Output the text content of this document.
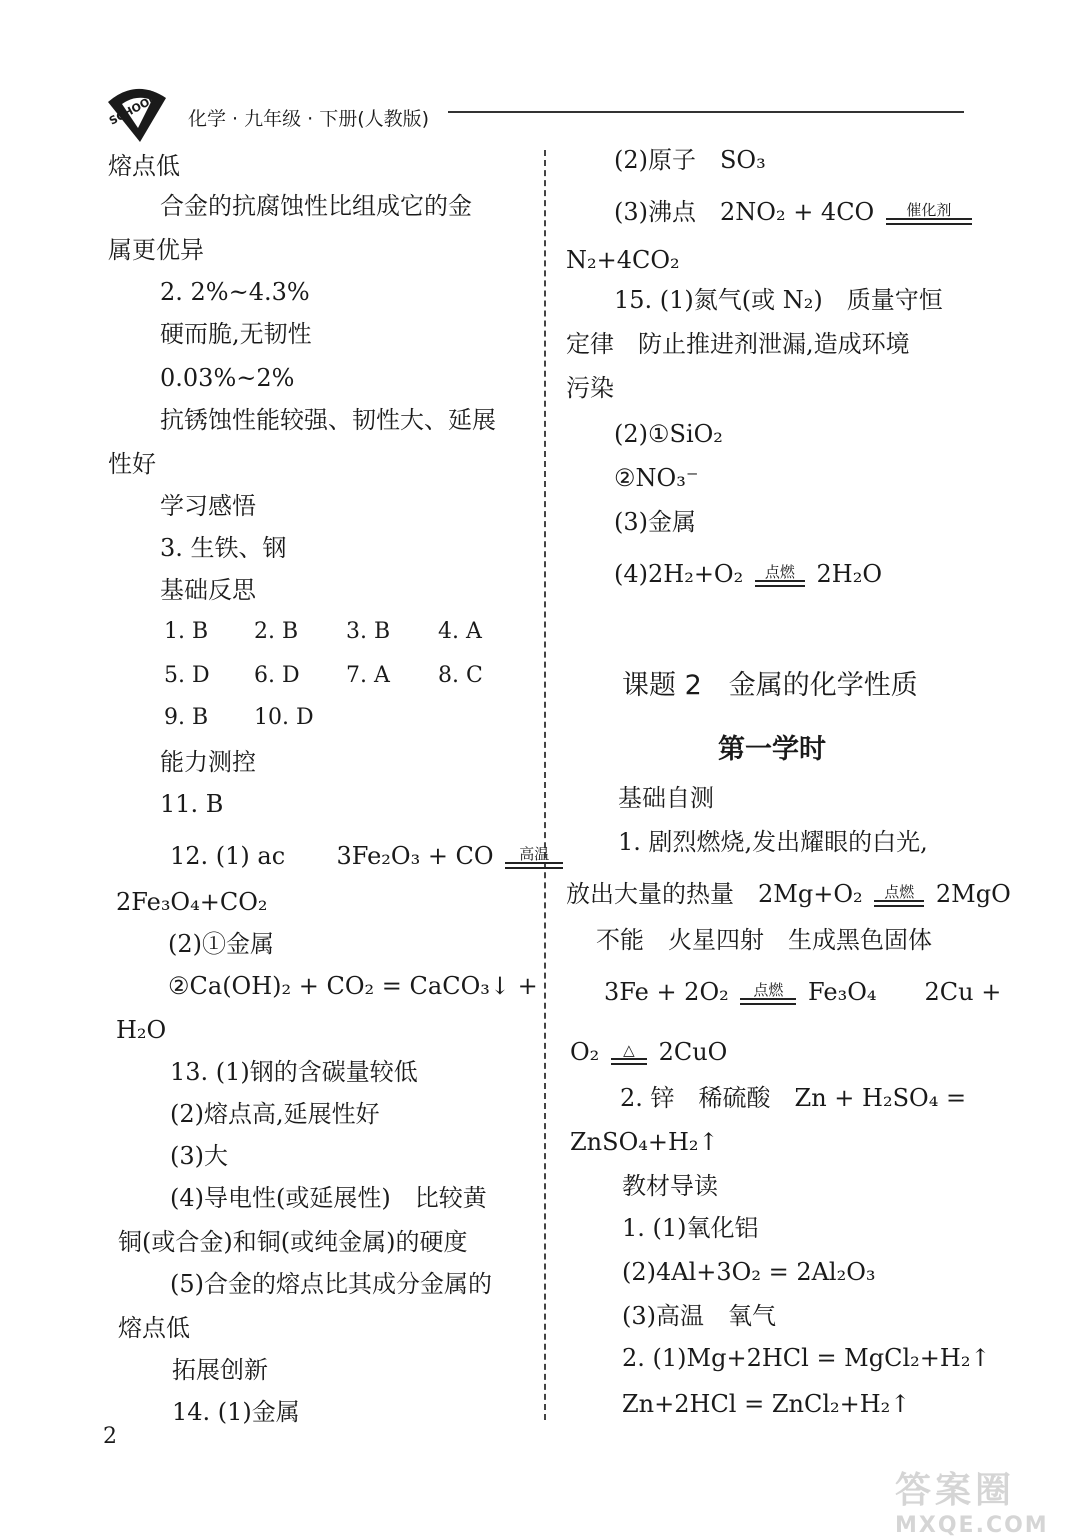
SCHOOL 化学 · 九年级 · 下册(人教版)
熔点低
合金的抗腐蚀性比组成它的金
属更优异
2. 2%~4.3%
硬而脆,无韧性
0.03%~2%
抗锈蚀性能较强、韧性大、延展
性好
学习感悟
3. 生铁、钢
基础反思
1. B	2. B	3. B	4. A
5. D	6. D	7. A	8. C
9. B	10. D
能力测控
11. B
12. (1) ac 3Fe₂O₃ + CO 高温
2Fe₃O₄+CO₂
(2)①金属
②Ca(OH)₂ + CO₂ = CaCO₃↓ +
H₂O
13. (1)钢的含碳量较低
(2)熔点高,延展性好
(3)大
(4)导电性(或延展性)　比较黄
铜(或合金)和铜(或纯金属)的硬度
(5)合金的熔点比其成分金属的
熔点低
拓展创新
14. (1)金属
(2)原子　SO₃
(3)沸点　2NO₂ + 4CO 催化剂
N₂+4CO₂
15. (1)氮气(或 N₂)　质量守恒
定律　防止推进剂泄漏,造成环境
污染
(2)①SiO₂
②NO₃⁻
(3)金属
(4)2H₂+O₂ 点燃 2H₂O
课题 2　金属的化学性质
第一学时
基础自测
1. 剧烈燃烧,发出耀眼的白光,
放出大量的热量　2Mg+O₂ 点燃 2MgO
不能　火星四射　生成黑色固体
3Fe + 2O₂ 点燃 Fe₃O₄　　2Cu +
O₂ △ 2CuO
2. 锌　稀硫酸　Zn + H₂SO₄ =
ZnSO₄+H₂↑
教材导读
1. (1)氧化铝
(2)4Al+3O₂ = 2Al₂O₃
(3)高温　氧气
2. (1)Mg+2HCl = MgCl₂+H₂↑
Zn+2HCl = ZnCl₂+H₂↑
2
答案圈
MXQE.COM
